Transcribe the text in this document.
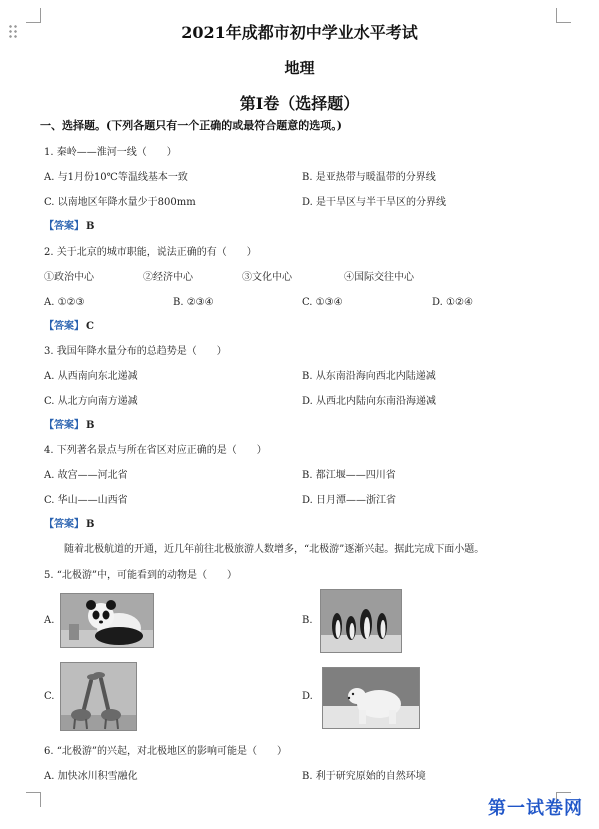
2021年成都市初中学业水平考试
地理
第Ⅰ卷（选择题）
一、选择题。(下列各题只有一个正确的或最符合题意的选项。)
1. 秦岭——淮河一线（　　）
A. 与1月份10℃等温线基本一致	B. 是亚热带与暖温带的分界线
C. 以南地区年降水量少于800mm	D. 是干旱区与半干旱区的分界线
【答案】 B
2. 关于北京的城市职能，说法正确的有（　　）
①政治中心	②经济中心	③文化中心	④国际交往中心
A. ①②③	B. ②③④	C. ①③④	D. ①②④
【答案】 C
3. 我国年降水量分布的总趋势是（　　）
A. 从西南向东北递减	B. 从东南沿海向西北内陆递减
C. 从北方向南方递减	D. 从西北内陆向东南沿海递减
【答案】 B
4. 下列著名景点与所在省区对应正确的是（　　）
A. 故宫——河北省	B. 都江堰——四川省
C. 华山——山西省	D. 日月潭——浙江省
【答案】 B
随着北极航道的开通，近几年前往北极旅游人数增多，“北极游”逐渐兴起。据此完成下面小题。
5. “北极游”中，可能看到的动物是（　　）
A.	B.
C.	D.
6. “北极游”的兴起，对北极地区的影响可能是（　　）
A. 加快冰川积雪融化	B. 利于研究原始的自然环境
第一试卷网
